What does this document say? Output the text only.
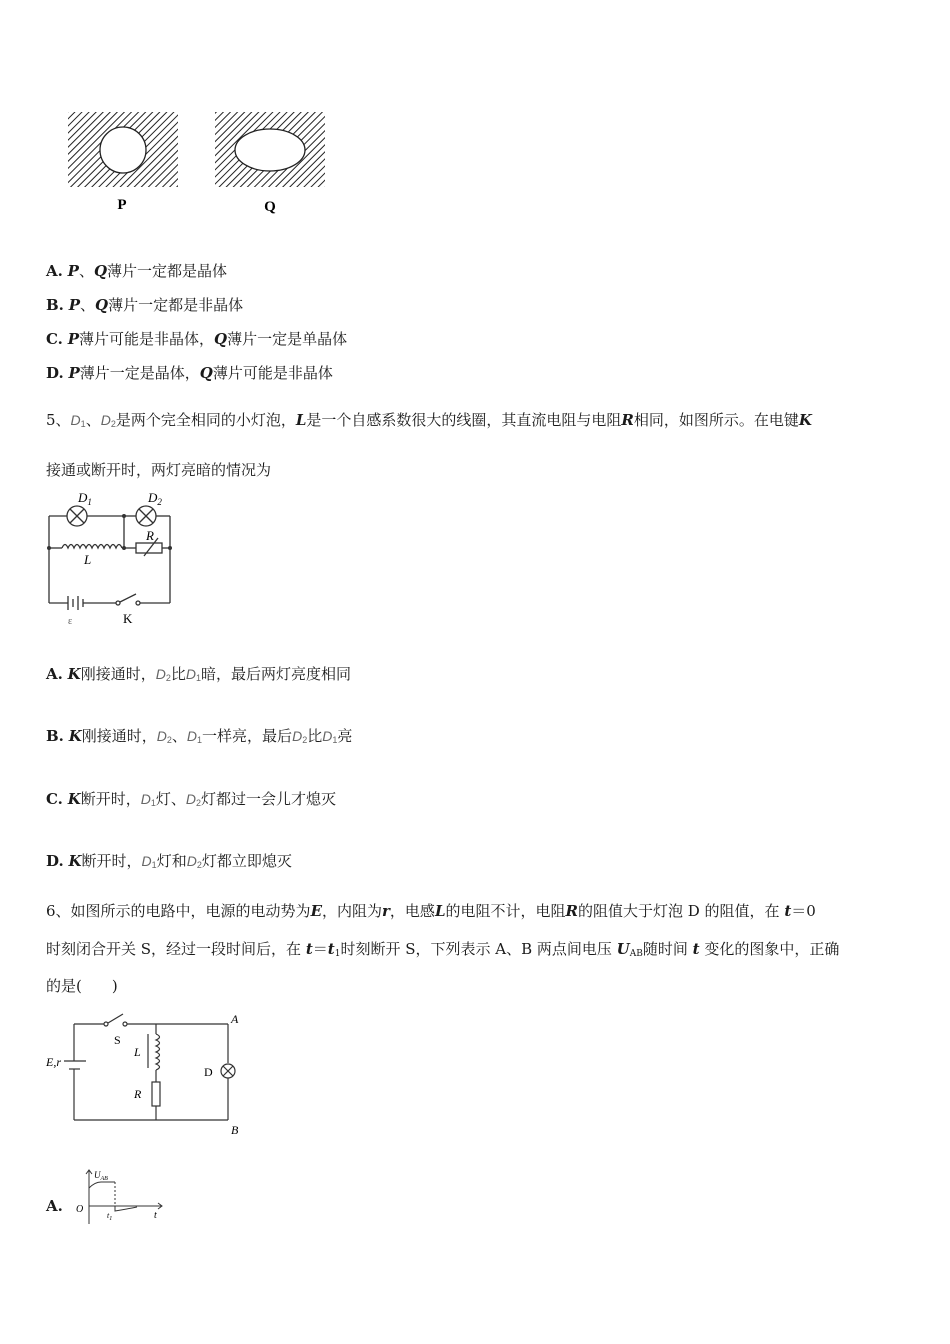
P	Q
A. P、Q薄片一定都是晶体
B. P、Q薄片一定都是非晶体
C. P薄片可能是非晶体，Q薄片一定是单晶体
D. P薄片一定是晶体，Q薄片可能是非晶体
5、D1、D2是两个完全相同的小灯泡，L是一个自感系数很大的线圈，其直流电阻与电阻R相同，如图所示。在电键K
接通或断开时，两灯亮暗的情况为
$D_1$	$D_2$
R
L
K
ε
A. K刚接通时，D2比D1暗，最后两灯亮度相同
B. K刚接通时，D2、D1一样亮，最后D2比D1亮
C. K断开时，D1灯、D2灯都过一会儿才熄灭
D. K断开时，D1灯和D2灯都立即熄灭
6、如图所示的电路中，电源的电动势为E，内阻为r，电感L的电阻不计，电阻R的阻值大于灯泡 D 的阻值，在 t＝0
时刻闭合开关 S，经过一段时间后，在 $t=t_1$时刻断开 S，下列表示 A、B 两点间电压 $U_{AB}$随时间 t 变化的图象中，正确
的是(　　)
S
A
B
E,r
L
R
D
A.
$U_{AB}$
O
$t_1$	t
